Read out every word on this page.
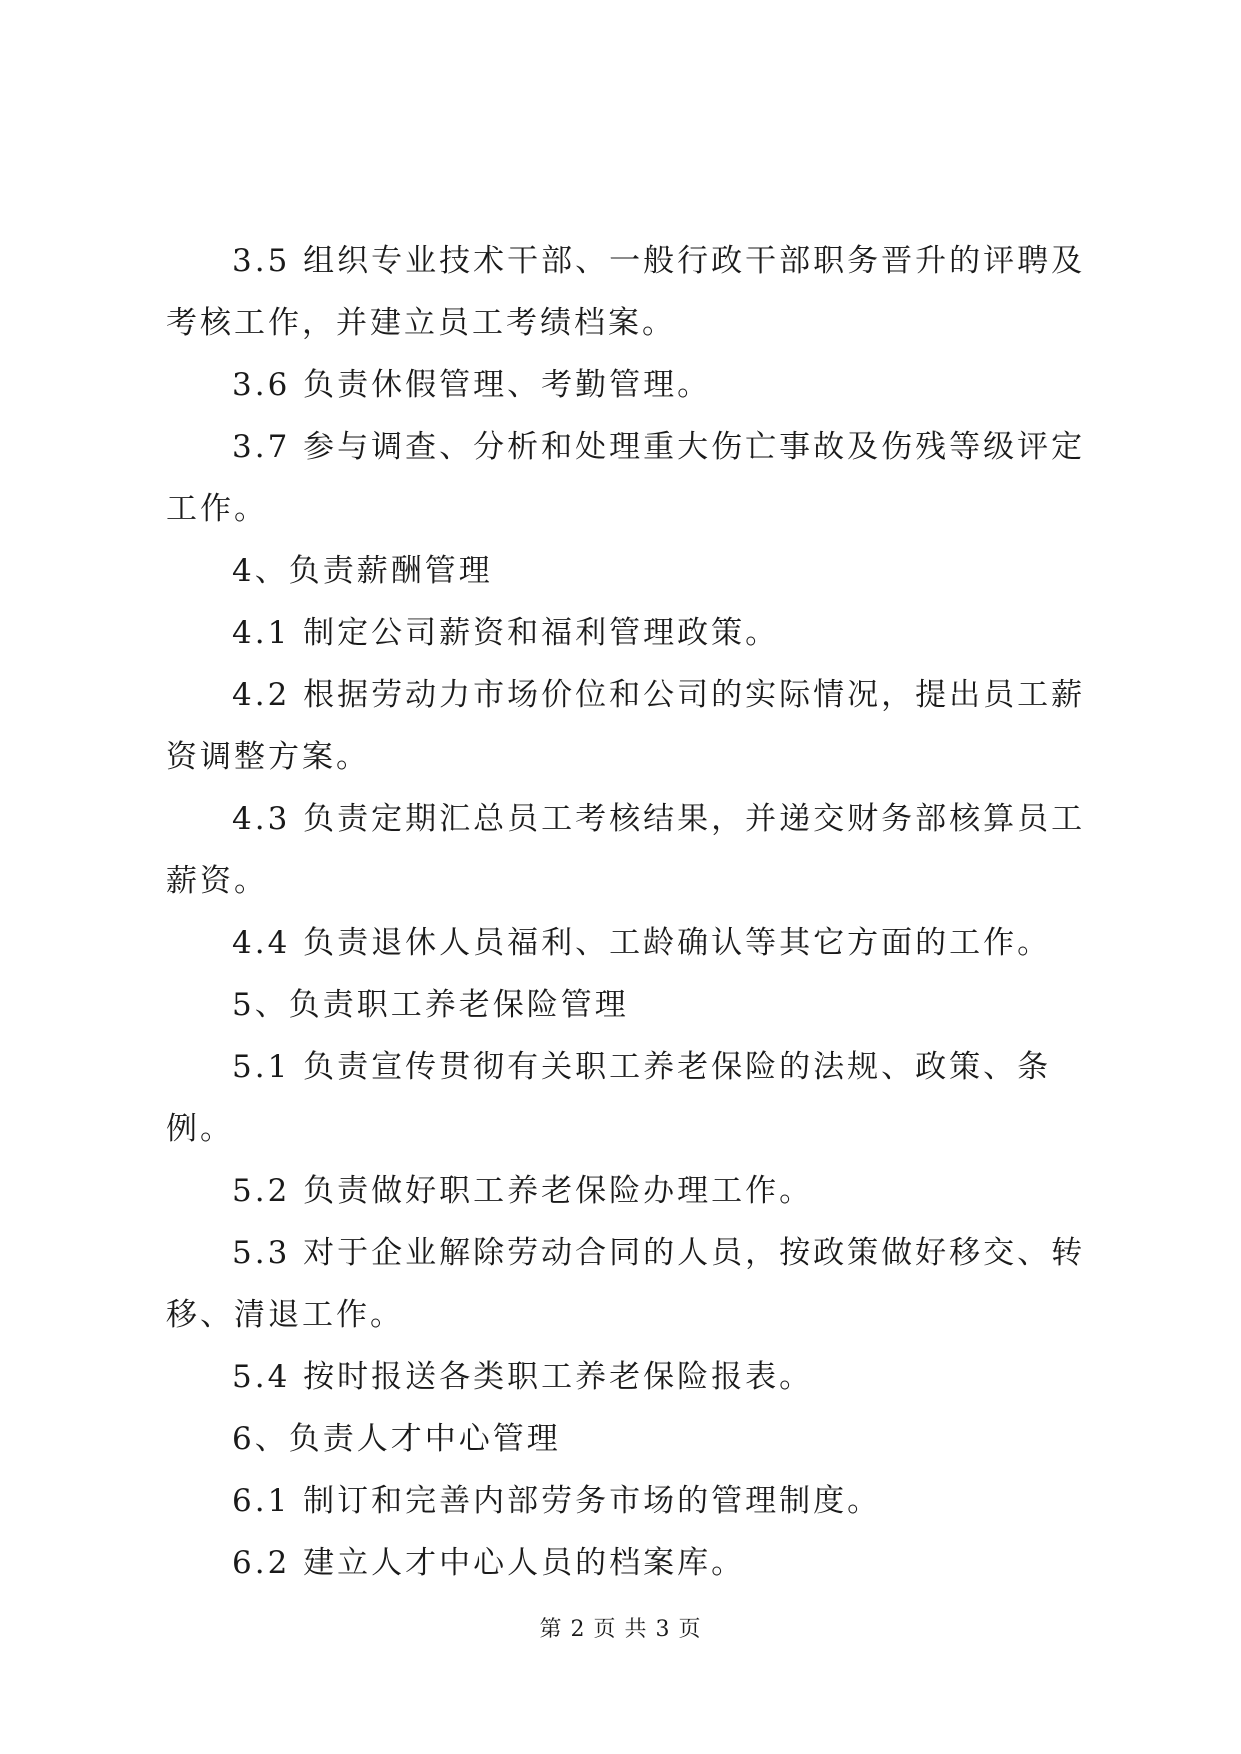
3.5 组织专业技术干部、一般行政干部职务晋升的评聘及考核工作，并建立员工考绩档案。

3.6 负责休假管理、考勤管理。

3.7 参与调查、分析和处理重大伤亡事故及伤残等级评定工作。

4、负责薪酬管理

4.1 制定公司薪资和福利管理政策。

4.2 根据劳动力市场价位和公司的实际情况，提出员工薪资调整方案。

4.3 负责定期汇总员工考核结果，并递交财务部核算员工薪资。

4.4 负责退休人员福利、工龄确认等其它方面的工作。

5、负责职工养老保险管理

5.1 负责宣传贯彻有关职工养老保险的法规、政策、条例。

5.2 负责做好职工养老保险办理工作。

5.3 对于企业解除劳动合同的人员，按政策做好移交、转移、清退工作。

5.4 按时报送各类职工养老保险报表。

6、负责人才中心管理

6.1 制订和完善内部劳务市场的管理制度。

6.2 建立人才中心人员的档案库。

第 2 页 共 3 页
